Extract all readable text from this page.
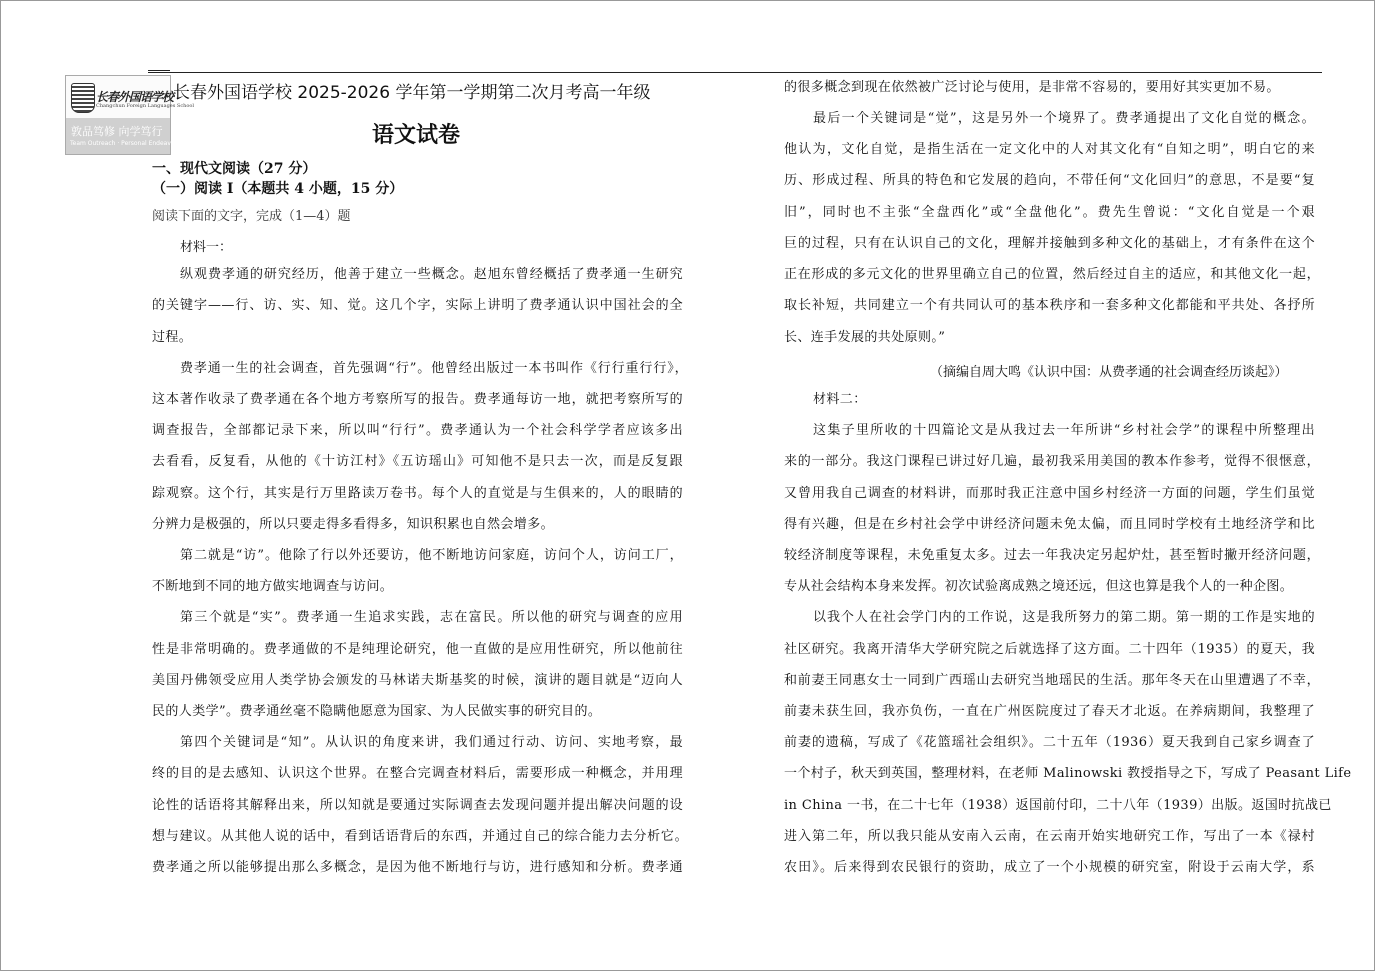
长春外国语学校
Changchun Foreign Languages School
敦品笃修 向学笃行
Team Outreach · Personal Endeavor
长春外国语学校 2025-2026 学年第一学期第二次月考高一年级
语文试卷
一、现代文阅读（27 分）
（一）阅读 I（本题共 4 小题，15 分）
阅读下面的文字，完成（1—4）题
材料一：
纵观费孝通的研究经历，他善于建立一些概念。赵旭东曾经概括了费孝通一生研究
的关键字——行、访、实、知、觉。这几个字，实际上讲明了费孝通认识中国社会的全
过程。
费孝通一生的社会调查，首先强调“行”。他曾经出版过一本书叫作《行行重行行》，
这本著作收录了费孝通在各个地方考察所写的报告。费孝通每访一地，就把考察所写的
调查报告，全部都记录下来，所以叫“行行”。费孝通认为一个社会科学学者应该多出
去看看，反复看，从他的《十访江村》《五访瑶山》可知他不是只去一次，而是反复跟
踪观察。这个行，其实是行万里路读万卷书。每个人的直觉是与生俱来的，人的眼睛的
分辨力是极强的，所以只要走得多看得多，知识积累也自然会增多。
第二就是“访”。他除了行以外还要访，他不断地访问家庭，访问个人，访问工厂，
不断地到不同的地方做实地调查与访问。
第三个就是“实”。费孝通一生追求实践，志在富民。所以他的研究与调查的应用
性是非常明确的。费孝通做的不是纯理论研究，他一直做的是应用性研究，所以他前往
美国丹佛领受应用人类学协会颁发的马林诺夫斯基奖的时候，演讲的题目就是“迈向人
民的人类学”。费孝通丝毫不隐瞒他愿意为国家、为人民做实事的研究目的。
第四个关键词是“知”。从认识的角度来讲，我们通过行动、访问、实地考察，最
终的目的是去感知、认识这个世界。在整合完调查材料后，需要形成一种概念，并用理
论性的话语将其解释出来，所以知就是要通过实际调查去发现问题并提出解决问题的设
想与建议。从其他人说的话中，看到话语背后的东西，并通过自己的综合能力去分析它。
费孝通之所以能够提出那么多概念，是因为他不断地行与访，进行感知和分析。费孝通
的很多概念到现在依然被广泛讨论与使用，是非常不容易的，要用好其实更加不易。
最后一个关键词是“觉”，这是另外一个境界了。费孝通提出了文化自觉的概念。
他认为，文化自觉，是指生活在一定文化中的人对其文化有“自知之明”，明白它的来
历、形成过程、所具的特色和它发展的趋向，不带任何“文化回归”的意思，不是要“复
旧”，同时也不主张“全盘西化”或“全盘他化”。费先生曾说：“文化自觉是一个艰
巨的过程，只有在认识自己的文化，理解并接触到多种文化的基础上，才有条件在这个
正在形成的多元文化的世界里确立自己的位置，然后经过自主的适应，和其他文化一起，
取长补短，共同建立一个有共同认可的基本秩序和一套多种文化都能和平共处、各抒所
长、连手发展的共处原则。”
（摘编自周大鸣《认识中国：从费孝通的社会调查经历谈起》）
材料二：
这集子里所收的十四篇论文是从我过去一年所讲“乡村社会学”的课程中所整理出
来的一部分。我这门课程已讲过好几遍，最初我采用美国的教本作参考，觉得不很惬意，
又曾用我自己调查的材料讲，而那时我正注意中国乡村经济一方面的问题，学生们虽觉
得有兴趣，但是在乡村社会学中讲经济问题未免太偏，而且同时学校有土地经济学和比
较经济制度等课程，未免重复太多。过去一年我决定另起炉灶，甚至暂时撇开经济问题，
专从社会结构本身来发挥。初次试验离成熟之境还远，但这也算是我个人的一种企图。
以我个人在社会学门内的工作说，这是我所努力的第二期。第一期的工作是实地的
社区研究。我离开清华大学研究院之后就选择了这方面。二十四年（1935）的夏天，我
和前妻王同惠女士一同到广西瑶山去研究当地瑶民的生活。那年冬天在山里遭遇了不幸，
前妻未获生回，我亦负伤，一直在广州医院度过了春天才北返。在养病期间，我整理了
前妻的遗稿，写成了《花篮瑶社会组织》。二十五年（1936）夏天我到自己家乡调查了
一个村子，秋天到英国，整理材料，在老师 Malinowski 教授指导之下，写成了 Peasant Life
in China 一书，在二十七年（1938）返国前付印，二十八年（1939）出版。返国时抗战已
进入第二年，所以我只能从安南入云南，在云南开始实地研究工作，写出了一本《禄村
农田》。后来得到农民银行的资助，成立了一个小规模的研究室，附设于云南大学，系
